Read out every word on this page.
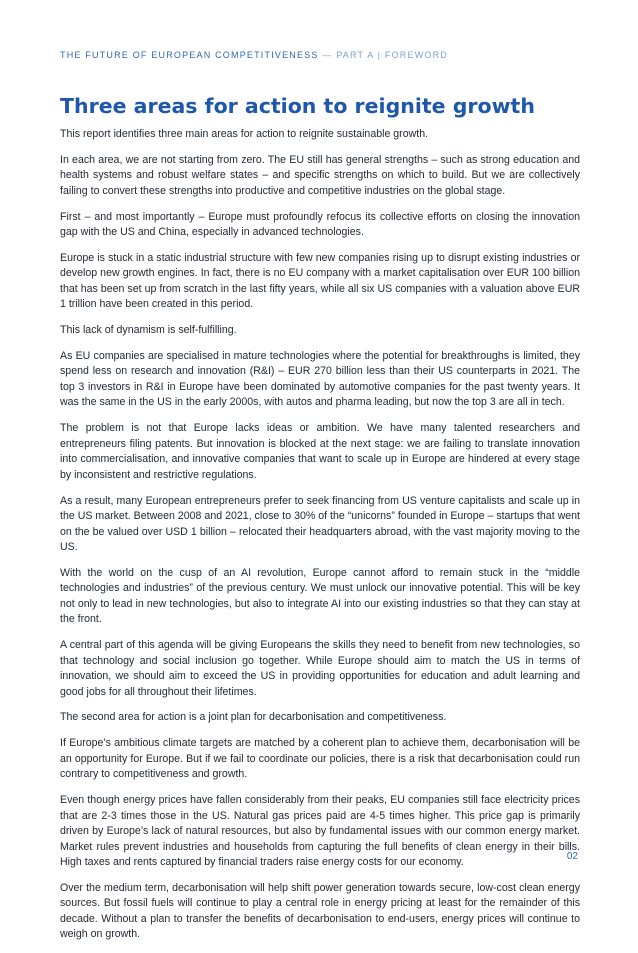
THE FUTURE OF EUROPEAN COMPETITIVENESS — PART A | FOREWORD
Three areas for action to reignite growth

This report identifies three main areas for action to reignite sustainable growth.

In each area, we are not starting from zero. The EU still has general strengths – such as strong education and health systems and robust welfare states – and specific strengths on which to build. But we are collectively failing to convert these strengths into productive and competitive industries on the global stage.

First – and most importantly – Europe must profoundly refocus its collective efforts on closing the innovation gap with the US and China, especially in advanced technologies.

Europe is stuck in a static industrial structure with few new companies rising up to disrupt existing industries or develop new growth engines. In fact, there is no EU company with a market capitalisation over EUR 100 billion that has been set up from scratch in the last fifty years, while all six US companies with a valuation above EUR 1 trillion have been created in this period.

This lack of dynamism is self-fulfilling.

As EU companies are specialised in mature technologies where the potential for breakthroughs is limited, they spend less on research and innovation (R&I) – EUR 270 billion less than their US counterparts in 2021. The top 3 investors in R&I in Europe have been dominated by automotive companies for the past twenty years. It was the same in the US in the early 2000s, with autos and pharma leading, but now the top 3 are all in tech.

The problem is not that Europe lacks ideas or ambition. We have many talented researchers and entrepreneurs filing patents. But innovation is blocked at the next stage: we are failing to translate innovation into commercialisation, and innovative companies that want to scale up in Europe are hindered at every stage by inconsistent and restrictive regulations.

As a result, many European entrepreneurs prefer to seek financing from US venture capitalists and scale up in the US market. Between 2008 and 2021, close to 30% of the “unicorns” founded in Europe – startups that went on the be valued over USD 1 billion – relocated their headquarters abroad, with the vast majority moving to the US.

With the world on the cusp of an AI revolution, Europe cannot afford to remain stuck in the “middle technologies and industries” of the previous century. We must unlock our innovative potential. This will be key not only to lead in new technologies, but also to integrate AI into our existing industries so that they can stay at the front.

A central part of this agenda will be giving Europeans the skills they need to benefit from new technologies, so that technology and social inclusion go together. While Europe should aim to match the US in terms of innovation, we should aim to exceed the US in providing opportunities for education and adult learning and good jobs for all throughout their lifetimes.

The second area for action is a joint plan for decarbonisation and competitiveness.

If Europe’s ambitious climate targets are matched by a coherent plan to achieve them, decarbonisation will be an opportunity for Europe. But if we fail to coordinate our policies, there is a risk that decarbonisation could run contrary to competitiveness and growth.

Even though energy prices have fallen considerably from their peaks, EU companies still face electricity prices that are 2-3 times those in the US. Natural gas prices paid are 4-5 times higher. This price gap is primarily driven by Europe’s lack of natural resources, but also by fundamental issues with our common energy market. Market rules prevent industries and households from capturing the full benefits of clean energy in their bills. High taxes and rents captured by financial traders raise energy costs for our economy.

Over the medium term, decarbonisation will help shift power generation towards secure, low-cost clean energy sources. But fossil fuels will continue to play a central role in energy pricing at least for the remainder of this decade. Without a plan to transfer the benefits of decarbonisation to end-users, energy prices will continue to weigh on growth.

02
